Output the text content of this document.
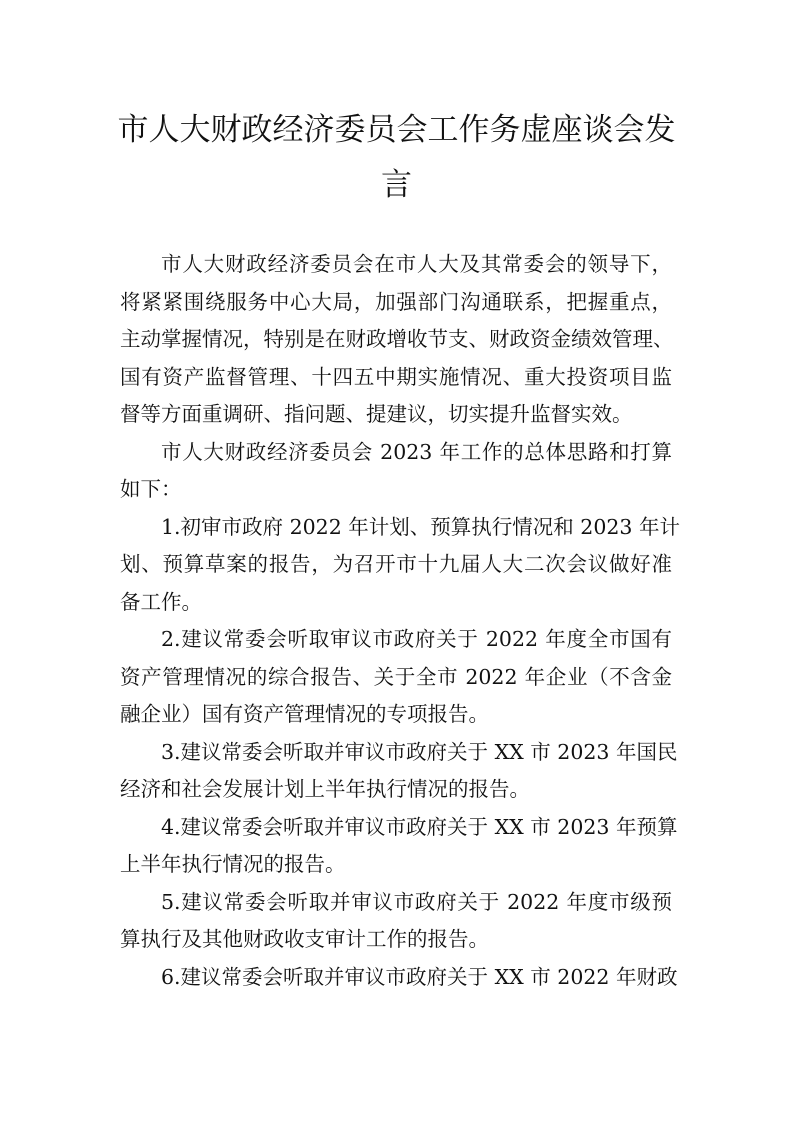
市人大财政经济委员会工作务虚座谈会发
言
市人大财政经济委员会在市人大及其常委会的领导下，
将紧紧围绕服务中心大局，加强部门沟通联系，把握重点，
主动掌握情况，特别是在财政增收节支、财政资金绩效管理、
国有资产监督管理、十四五中期实施情况、重大投资项目监
督等方面重调研、指问题、提建议，切实提升监督实效。
市人大财政经济委员会 2023 年工作的总体思路和打算
如下：
1.初审市政府 2022 年计划、预算执行情况和 2023 年计
划、预算草案的报告，为召开市十九届人大二次会议做好准
备工作。
2.建议常委会听取审议市政府关于 2022 年度全市国有
资产管理情况的综合报告、关于全市 2022 年企业（不含金
融企业）国有资产管理情况的专项报告。
3.建议常委会听取并审议市政府关于 XX 市 2023 年国民
经济和社会发展计划上半年执行情况的报告。
4.建议常委会听取并审议市政府关于 XX 市 2023 年预算
上半年执行情况的报告。
5.建议常委会听取并审议市政府关于 2022 年度市级预
算执行及其他财政收支审计工作的报告。
6.建议常委会听取并审议市政府关于 XX 市 2022 年财政
